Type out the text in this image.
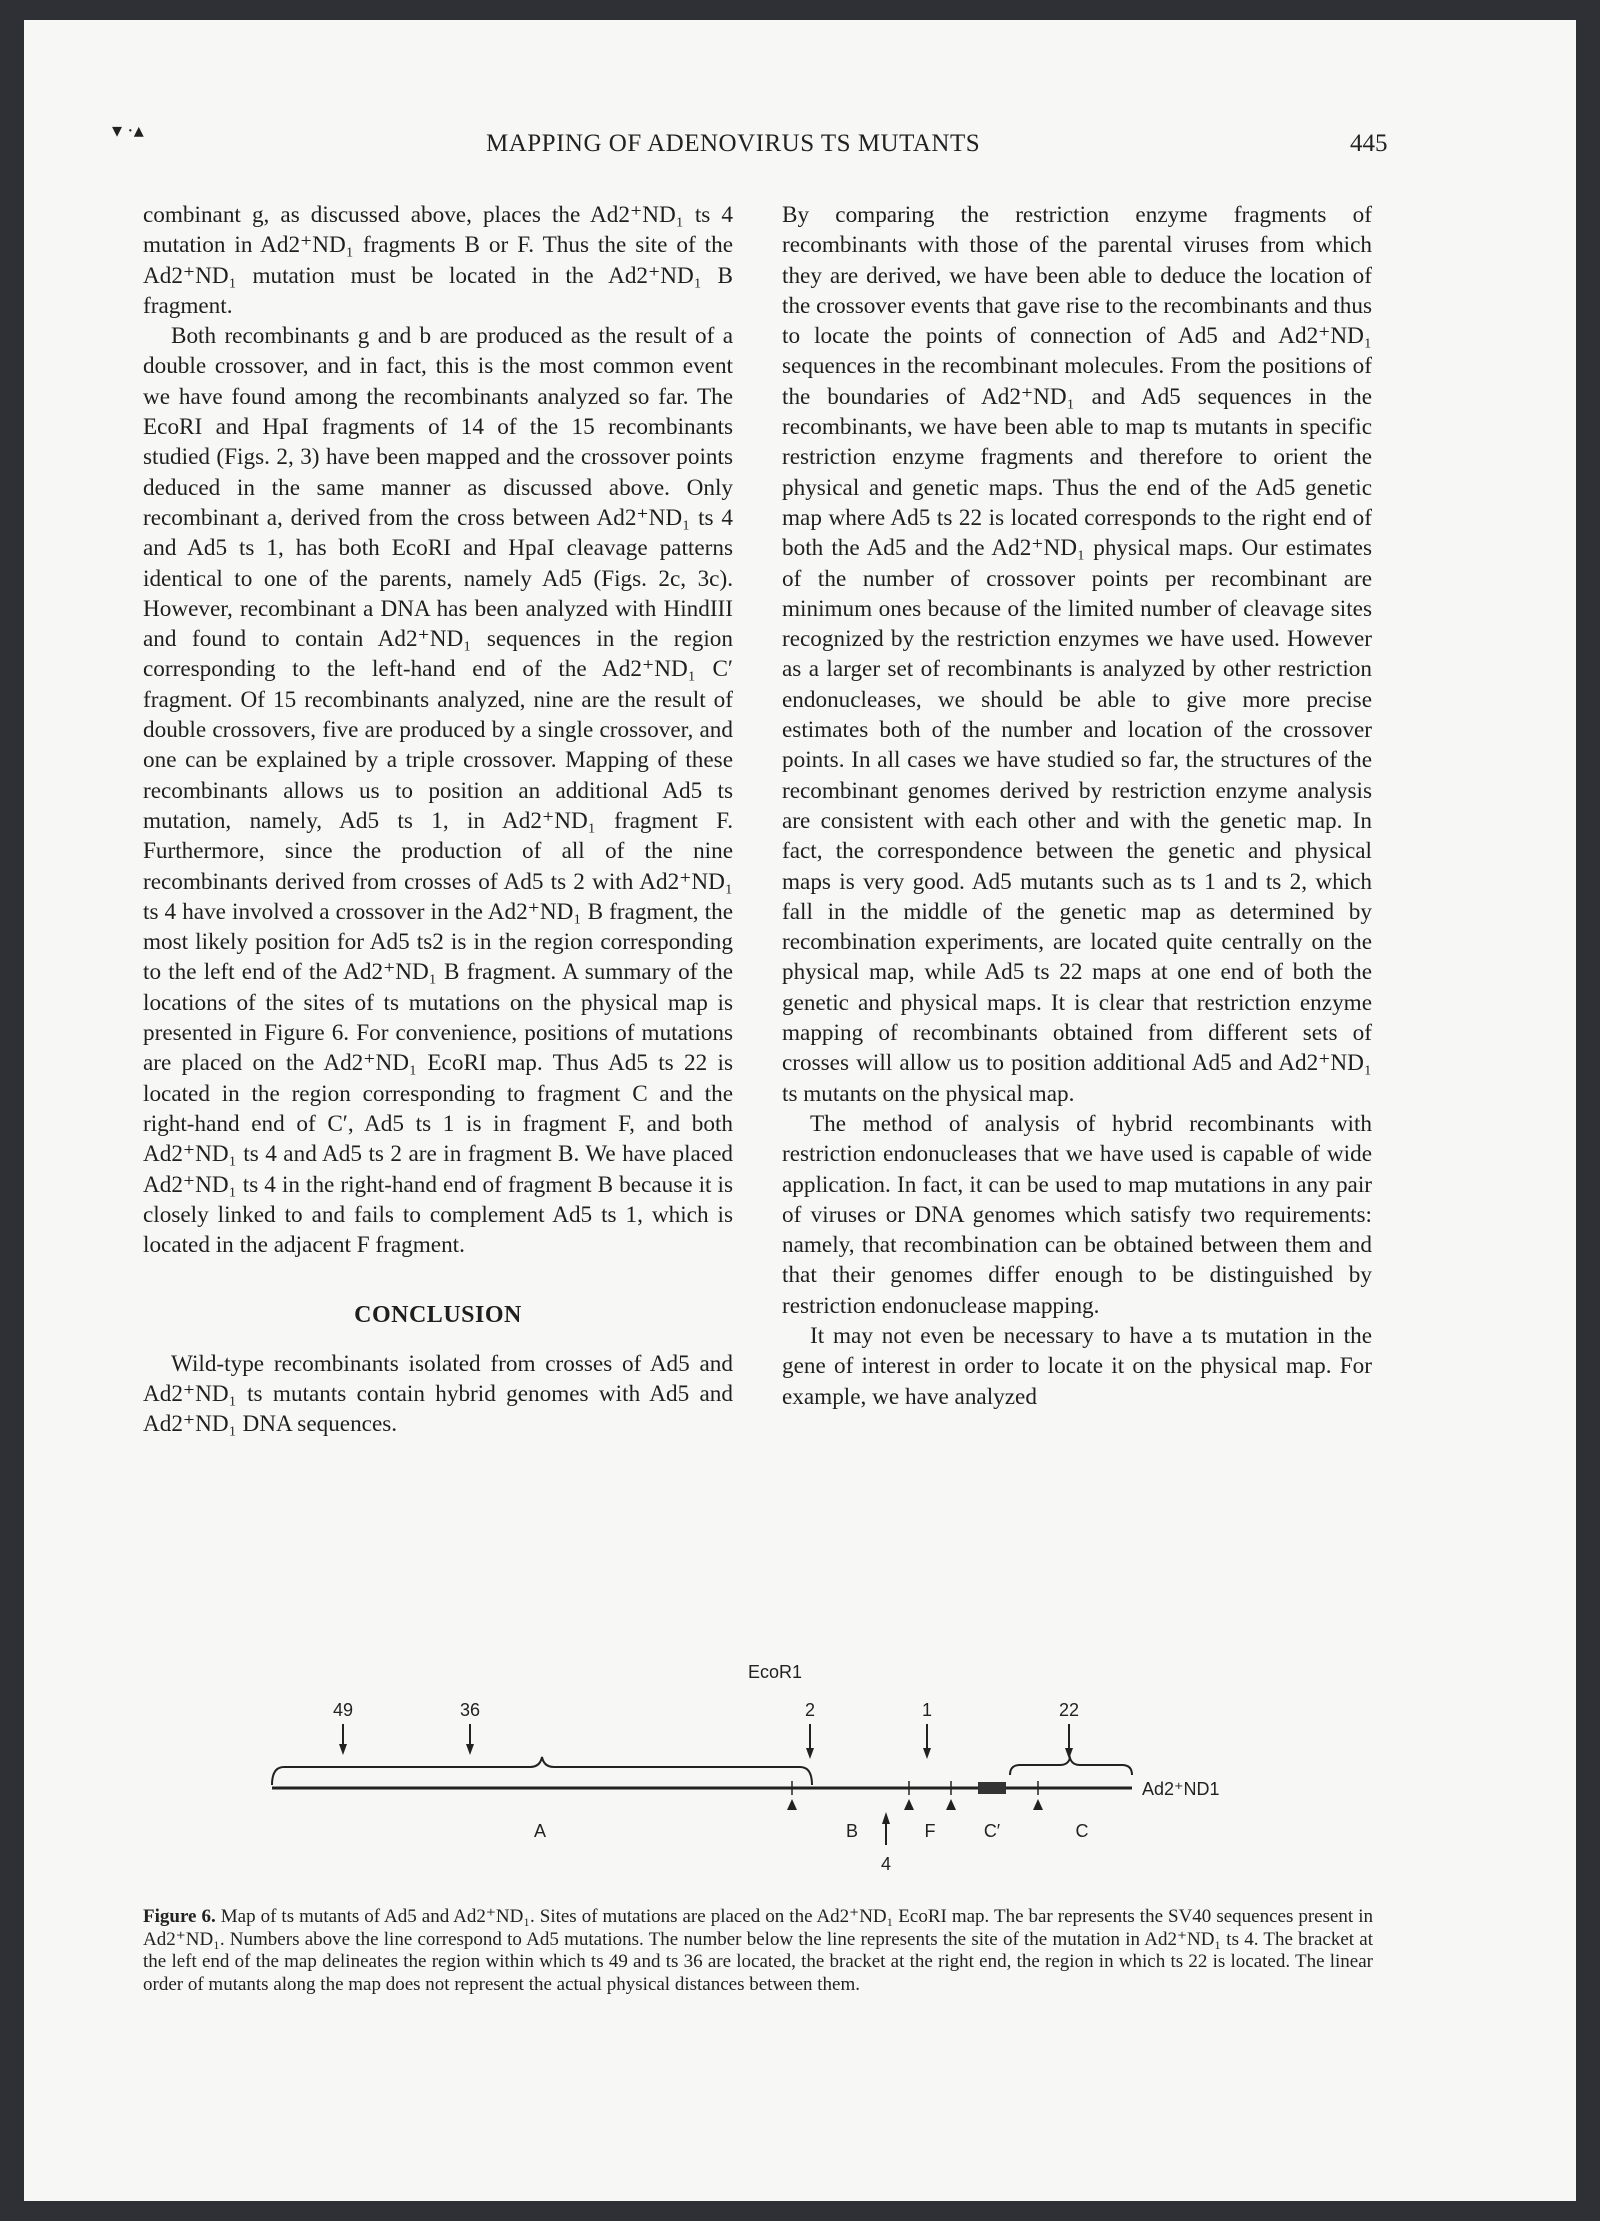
▾ ·▴	MAPPING OF ADENOVIRUS TS MUTANTS	445

combinant g, as discussed above, places the Ad2⁺ND₁ ts 4 mutation in Ad2⁺ND₁ fragments B or F. Thus the site of the Ad2⁺ND₁ mutation must be located in the Ad2⁺ND₁ B fragment.

Both recombinants g and b are produced as the result of a double crossover, and in fact, this is the most common event we have found among the recombinants analyzed so far. The EcoRI and HpaI fragments of 14 of the 15 recombinants studied (Figs. 2, 3) have been mapped and the crossover points deduced in the same manner as discussed above. Only recombinant a, derived from the cross between Ad2⁺ND₁ ts 4 and Ad5 ts 1, has both EcoRI and HpaI cleavage patterns identical to one of the parents, namely Ad5 (Figs. 2c, 3c). However, recombinant a DNA has been analyzed with HindIII and found to contain Ad2⁺ND₁ sequences in the region corresponding to the left-hand end of the Ad2⁺ND₁ C′ fragment. Of 15 recombinants analyzed, nine are the result of double crossovers, five are produced by a single crossover, and one can be explained by a triple crossover. Mapping of these recombinants allows us to position an additional Ad5 ts mutation, namely, Ad5 ts 1, in Ad2⁺ND₁ fragment F. Furthermore, since the production of all of the nine recombinants derived from crosses of Ad5 ts 2 with Ad2⁺ND₁ ts 4 have involved a crossover in the Ad2⁺ND₁ B fragment, the most likely position for Ad5 ts2 is in the region corresponding to the left end of the Ad2⁺ND₁ B fragment. A summary of the locations of the sites of ts mutations on the physical map is presented in Figure 6. For convenience, positions of mutations are placed on the Ad2⁺ND₁ EcoRI map. Thus Ad5 ts 22 is located in the region corresponding to fragment C and the right-hand end of C′, Ad5 ts 1 is in fragment F, and both Ad2⁺ND₁ ts 4 and Ad5 ts 2 are in fragment B. We have placed Ad2⁺ND₁ ts 4 in the right-hand end of fragment B because it is closely linked to and fails to complement Ad5 ts 1, which is located in the adjacent F fragment.

CONCLUSION

Wild-type recombinants isolated from crosses of Ad5 and Ad2⁺ND₁ ts mutants contain hybrid genomes with Ad5 and Ad2⁺ND₁ DNA sequences.

By comparing the restriction enzyme fragments of recombinants with those of the parental viruses from which they are derived, we have been able to deduce the location of the crossover events that gave rise to the recombinants and thus to locate the points of connection of Ad5 and Ad2⁺ND₁ sequences in the recombinant molecules. From the positions of the boundaries of Ad2⁺ND₁ and Ad5 sequences in the recombinants, we have been able to map ts mutants in specific restriction enzyme fragments and therefore to orient the physical and genetic maps. Thus the end of the Ad5 genetic map where Ad5 ts 22 is located corresponds to the right end of both the Ad5 and the Ad2⁺ND₁ physical maps. Our estimates of the number of crossover points per recombinant are minimum ones because of the limited number of cleavage sites recognized by the restriction enzymes we have used. However as a larger set of recombinants is analyzed by other restriction endonucleases, we should be able to give more precise estimates both of the number and location of the crossover points. In all cases we have studied so far, the structures of the recombinant genomes derived by restriction enzyme analysis are consistent with each other and with the genetic map. In fact, the correspondence between the genetic and physical maps is very good. Ad5 mutants such as ts 1 and ts 2, which fall in the middle of the genetic map as determined by recombination experiments, are located quite centrally on the physical map, while Ad5 ts 22 maps at one end of both the genetic and physical maps. It is clear that restriction enzyme mapping of recombinants obtained from different sets of crosses will allow us to position additional Ad5 and Ad2⁺ND₁ ts mutants on the physical map.

The method of analysis of hybrid recombinants with restriction endonucleases that we have used is capable of wide application. In fact, it can be used to map mutations in any pair of viruses or DNA genomes which satisfy two requirements: namely, that recombination can be obtained between them and that their genomes differ enough to be distinguished by restriction endonuclease mapping.

It may not even be necessary to have a ts mutation in the gene of interest in order to locate it on the physical map. For example, we have analyzed

EcoR1
49	36	2	1	22
Ad2⁺ND1
A	B	F	C′	C
4
Figure 6. Map of ts mutants of Ad5 and Ad2⁺ND₁. Sites of mutations are placed on the Ad2⁺ND₁ EcoRI map. The bar represents the SV40 sequences present in Ad2⁺ND₁. Numbers above the line correspond to Ad5 mutations. The number below the line represents the site of the mutation in Ad2⁺ND₁ ts 4. The bracket at the left end of the map delineates the region within which ts 49 and ts 36 are located, the bracket at the right end, the region in which ts 22 is located. The linear order of mutants along the map does not represent the actual physical distances between them.
